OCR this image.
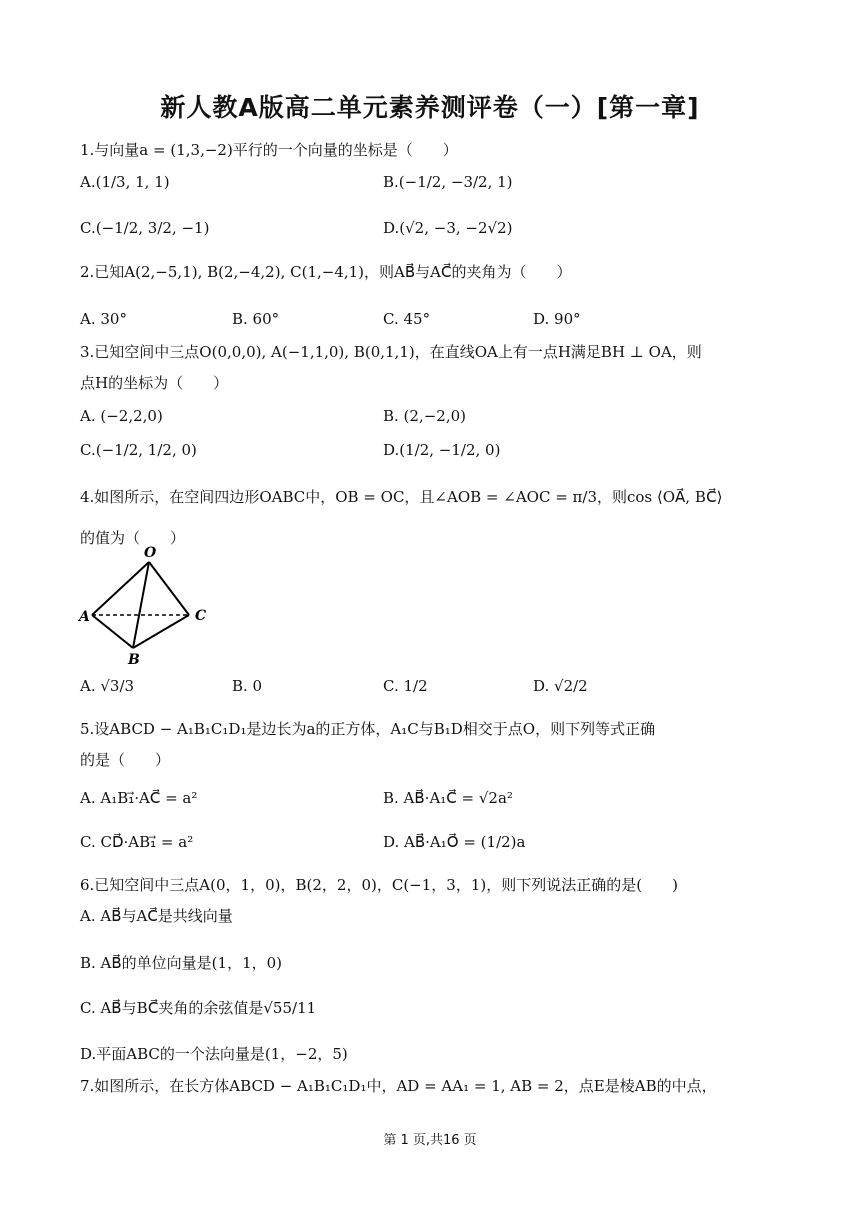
新人教A版高二单元素养测评卷（一）[第一章]
1.与向量a = (1,3,−2)平行的一个向量的坐标是（　　）
A.(1/3, 1, 1)	B.(−1/2, −3/2, 1)
C.(−1/2, 3/2, −1)	D.(√2, −3, −2√2)
2.已知A(2,−5,1), B(2,−4,2), C(1,−4,1)，则AB⃗与AC⃗的夹角为（　　）
A. 30°	B. 60°	C. 45°	D. 90°
3.已知空间中三点O(0,0,0), A(−1,1,0), B(0,1,1)，在直线OA上有一点H满足BH ⊥ OA，则
点H的坐标为（　　）
A. (−2,2,0)	B. (2,−2,0)
C.(−1/2, 1/2, 0)	D.(1/2, −1/2, 0)
4.如图所示，在空间四边形OABC中，OB = OC，且∠AOB = ∠AOC = π/3，则cos ⟨OA⃗, BC⃗⟩
的值为（　　）
O
A
B
C
A. √3/3	B. 0	C. 1/2	D. √2/2
5.设ABCD − A₁B₁C₁D₁是边长为a的正方体，A₁C与B₁D相交于点O，则下列等式正确
的是（　　）
A. A₁B₁⃗·AC⃗ = a²	B. AB⃗·A₁C⃗ = √2a²
C. CD⃗·AB₁⃗ = a²	D. AB⃗·A₁O⃗ = (1/2)a
6.已知空间中三点A(0，1，0)，B(2，2，0)，C(−1，3，1)，则下列说法正确的是(　　)
A. AB⃗与AC⃗是共线向量
B. AB⃗的单位向量是(1，1，0)
C. AB⃗与BC⃗夹角的余弦值是√55/11
D.平面ABC的一个法向量是(1，−2，5)
7.如图所示，在长方体ABCD − A₁B₁C₁D₁中，AD = AA₁ = 1, AB = 2，点E是棱AB的中点，
第 1 页,共16 页
